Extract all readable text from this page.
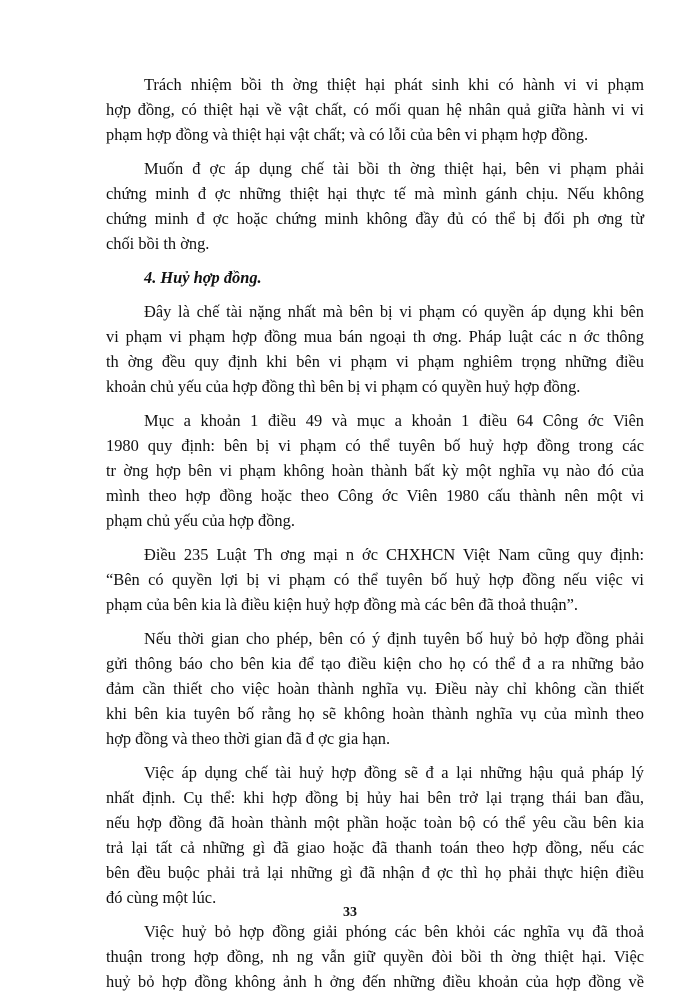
Trách nhiệm bồi th ờng thiệt hại phát sinh khi có hành vi vi phạm
hợp đồng, có thiệt hại về vật chất, có mối quan hệ nhân quả giữa hành vi vi
phạm hợp đồng và thiệt hại vật chất; và có lỗi của bên vi phạm hợp đồng.
Muốn đ ợc áp dụng chế tài bồi th ờng thiệt hại, bên vi phạm phải
chứng minh đ ợc những thiệt hại thực tế mà mình gánh chịu. Nếu không
chứng minh đ ợc hoặc chứng minh không đầy đủ có thể bị đối ph ơng từ
chối bồi th ờng.
4. Huỷ hợp đồng.
Đây là chế tài nặng nhất mà bên bị vi phạm có quyền áp dụng khi bên
vi phạm vi phạm hợp đồng mua bán ngoại th ơng. Pháp luật các n ớc thông
th ờng đều quy định khi bên vi phạm vi phạm nghiêm trọng những điều
khoản chủ yếu của hợp đồng thì bên bị vi phạm có quyền huỷ hợp đồng.
Mục a khoản 1 điều 49 và mục a khoản 1 điều 64 Công ớc Viên
1980 quy định: bên bị vi phạm có thể tuyên bố huỷ hợp đồng trong các
tr ờng hợp bên vi phạm không hoàn thành bất kỳ một nghĩa vụ nào đó của
mình theo hợp đồng hoặc theo Công ớc Viên 1980 cấu thành nên một vi
phạm chủ yếu của hợp đồng.
Điều 235 Luật Th ơng mại n ớc CHXHCN Việt Nam cũng quy định:
“Bên có quyền lợi bị vi phạm có thể tuyên bố huỷ hợp đồng nếu việc vi
phạm của bên kia là điều kiện huỷ hợp đồng mà các bên đã thoả thuận”.
Nếu thời gian cho phép, bên có ý định tuyên bố huỷ bỏ hợp đồng phải
gửi thông báo cho bên kia để tạo điều kiện cho họ có thể đ a ra những bảo
đảm cần thiết cho việc hoàn thành nghĩa vụ. Điều này chỉ không cần thiết
khi bên kia tuyên bố rằng họ sẽ không hoàn thành nghĩa vụ của mình theo
hợp đồng và theo thời gian đã đ ợc gia hạn.
Việc áp dụng chế tài huỷ hợp đồng sẽ đ a lại những hậu quả pháp lý
nhất định. Cụ thể: khi hợp đồng bị hủy hai bên trở lại trạng thái ban đầu,
nếu hợp đồng đã hoàn thành một phần hoặc toàn bộ có thể yêu cầu bên kia
trả lại tất cả những gì đã giao hoặc đã thanh toán theo hợp đồng, nếu các
bên đều buộc phải trả lại những gì đã nhận đ ợc thì họ phải thực hiện điều
đó cùng một lúc.
Việc huỷ bỏ hợp đồng giải phóng các bên khỏi các nghĩa vụ đã thoả
thuận trong hợp đồng, nh ng vẫn giữ quyền đòi bồi th ờng thiệt hại. Việc
huỷ bỏ hợp đồng không ảnh h ởng đến những điều khoản của hợp đồng về
33
